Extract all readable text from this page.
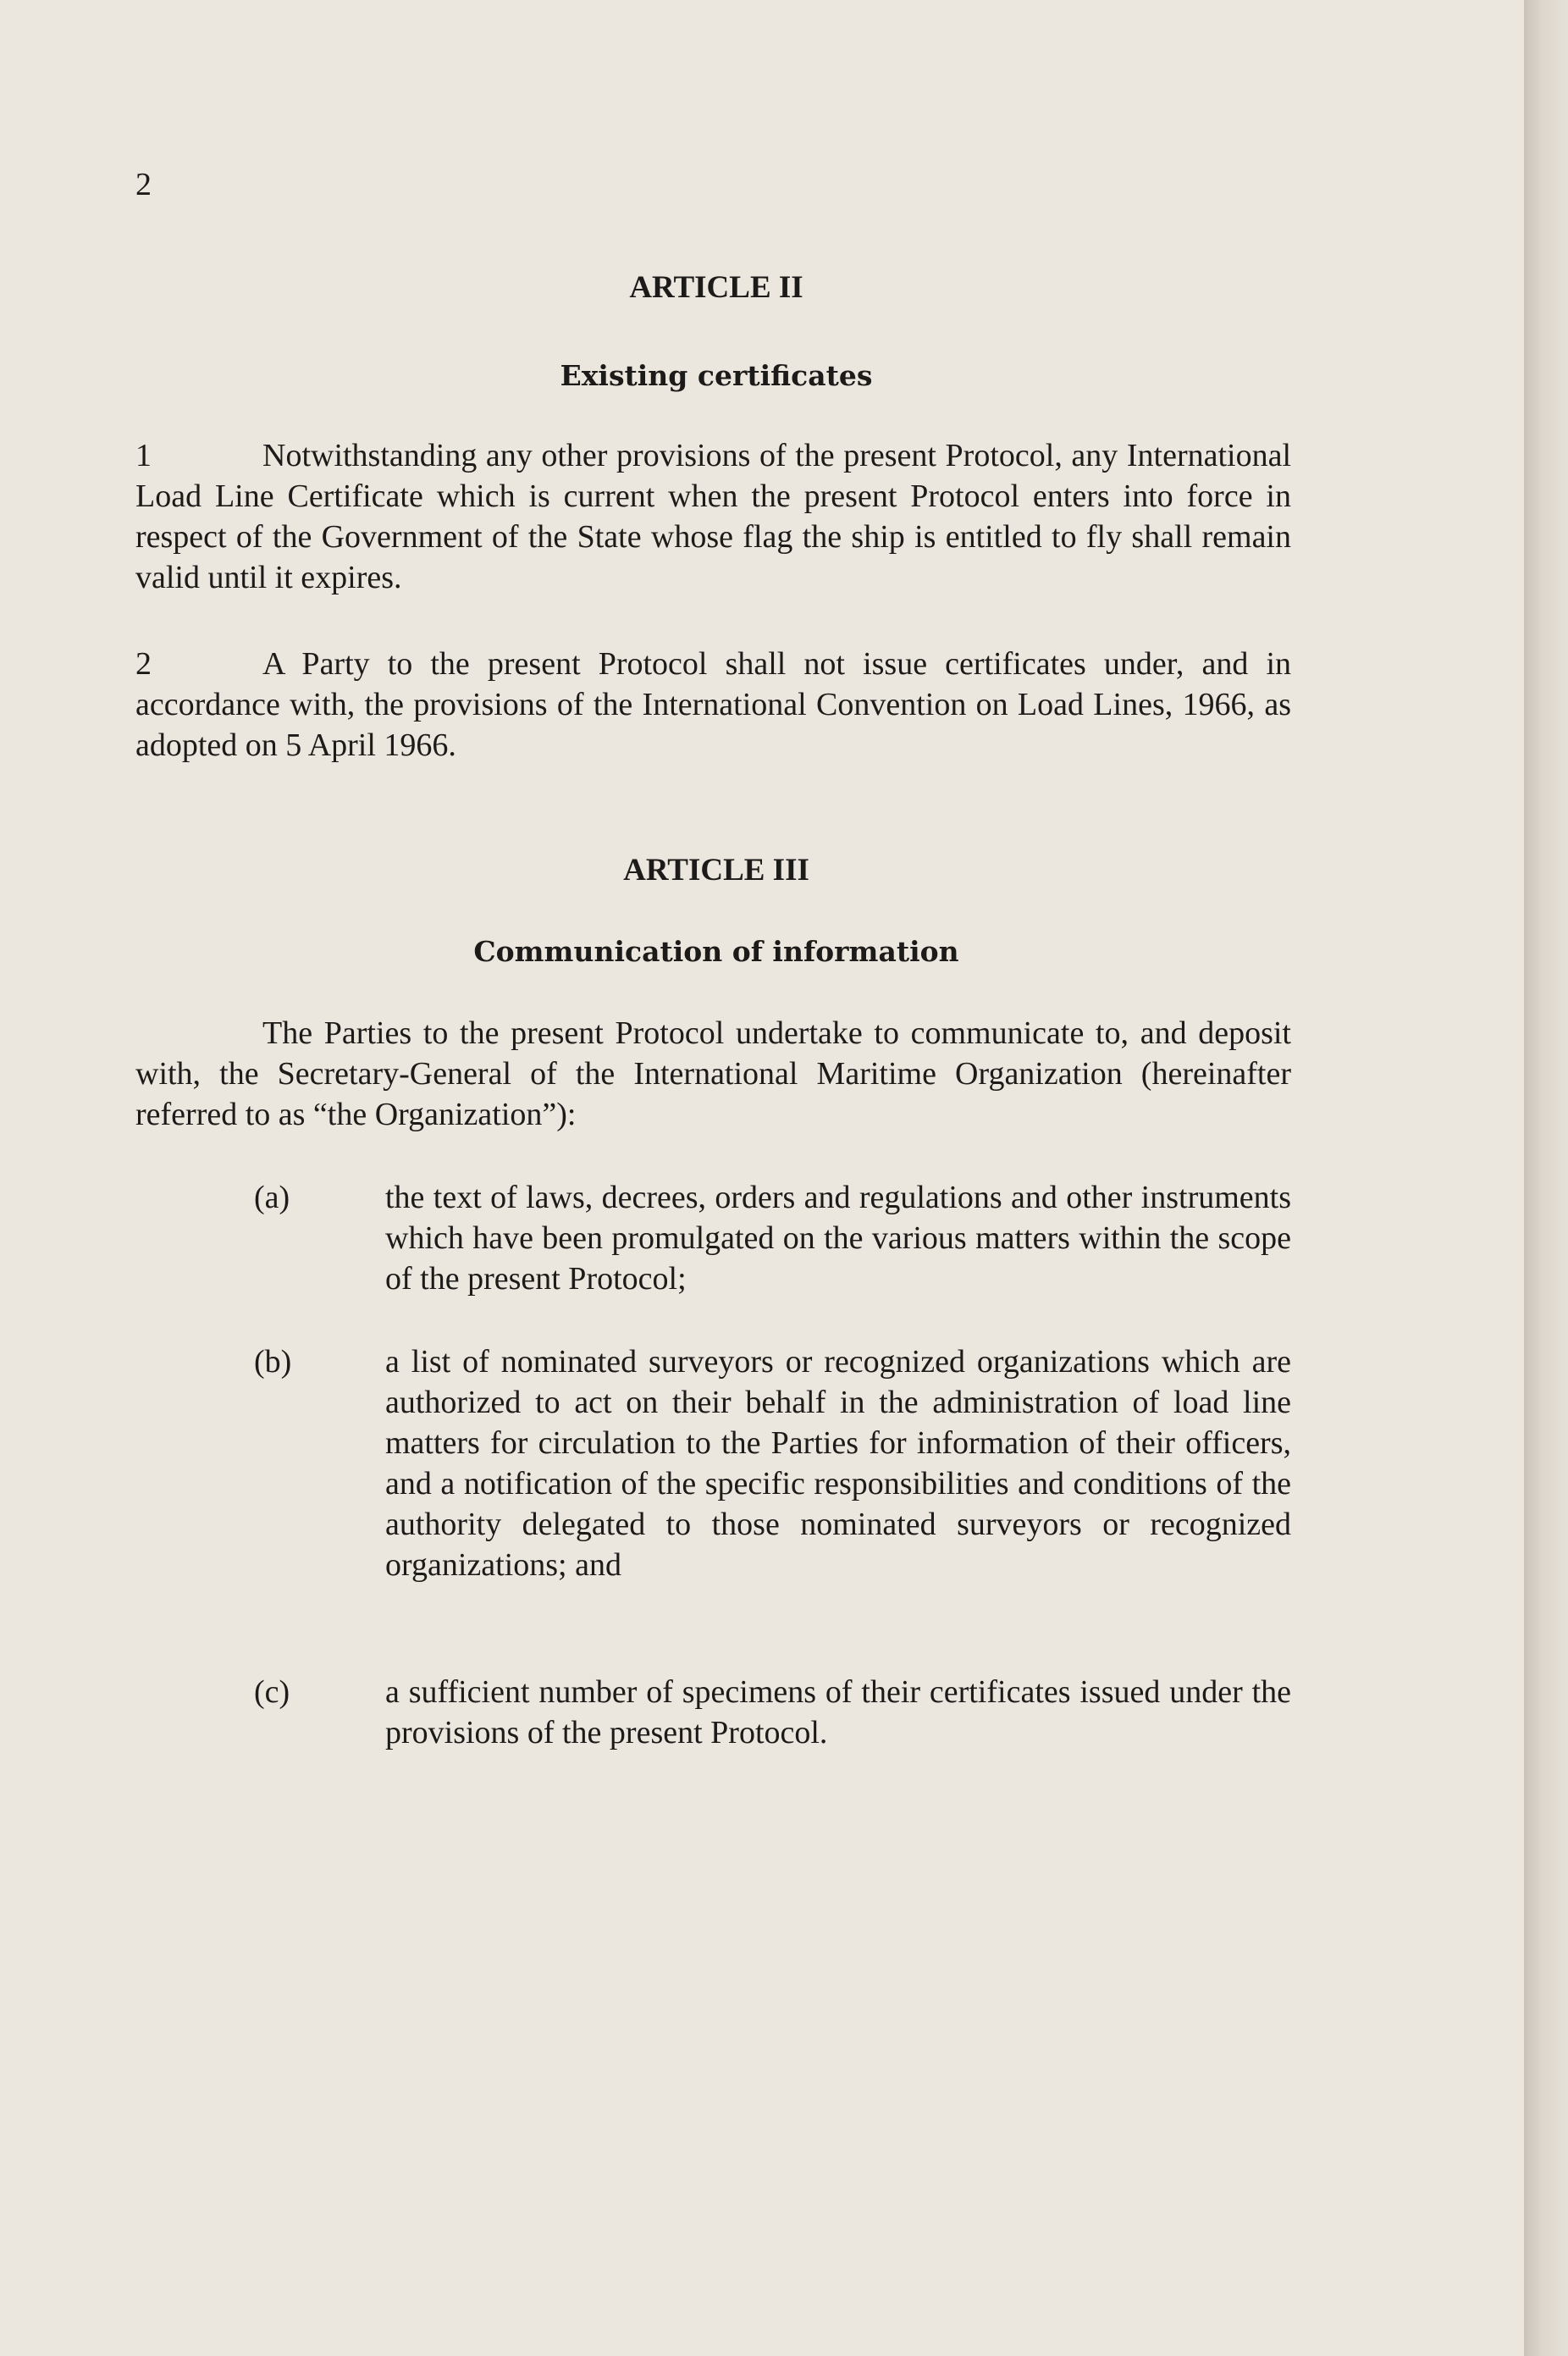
2
ARTICLE II
Existing certificates
1	Notwithstanding any other provisions of the present Protocol, any International Load Line Certificate which is current when the present Protocol enters into force in respect of the Government of the State whose flag the ship is entitled to fly shall remain valid until it expires.
2	A Party to the present Protocol shall not issue certificates under, and in accordance with, the provisions of the International Convention on Load Lines, 1966, as adopted on 5 April 1966.
ARTICLE III
Communication of information
The Parties to the present Protocol undertake to communicate to, and deposit with, the Secretary-General of the International Maritime Organization (hereinafter referred to as “the Organization”):
(a)	the text of laws, decrees, orders and regulations and other instruments which have been promulgated on the various matters within the scope of the present Protocol;
(b)	a list of nominated surveyors or recognized organizations which are authorized to act on their behalf in the administration of load line matters for circulation to the Parties for information of their officers, and a notification of the specific responsibilities and conditions of the authority delegated to those nominated surveyors or recognized organizations; and
(c)	a sufficient number of specimens of their certificates issued under the provisions of the present Protocol.
